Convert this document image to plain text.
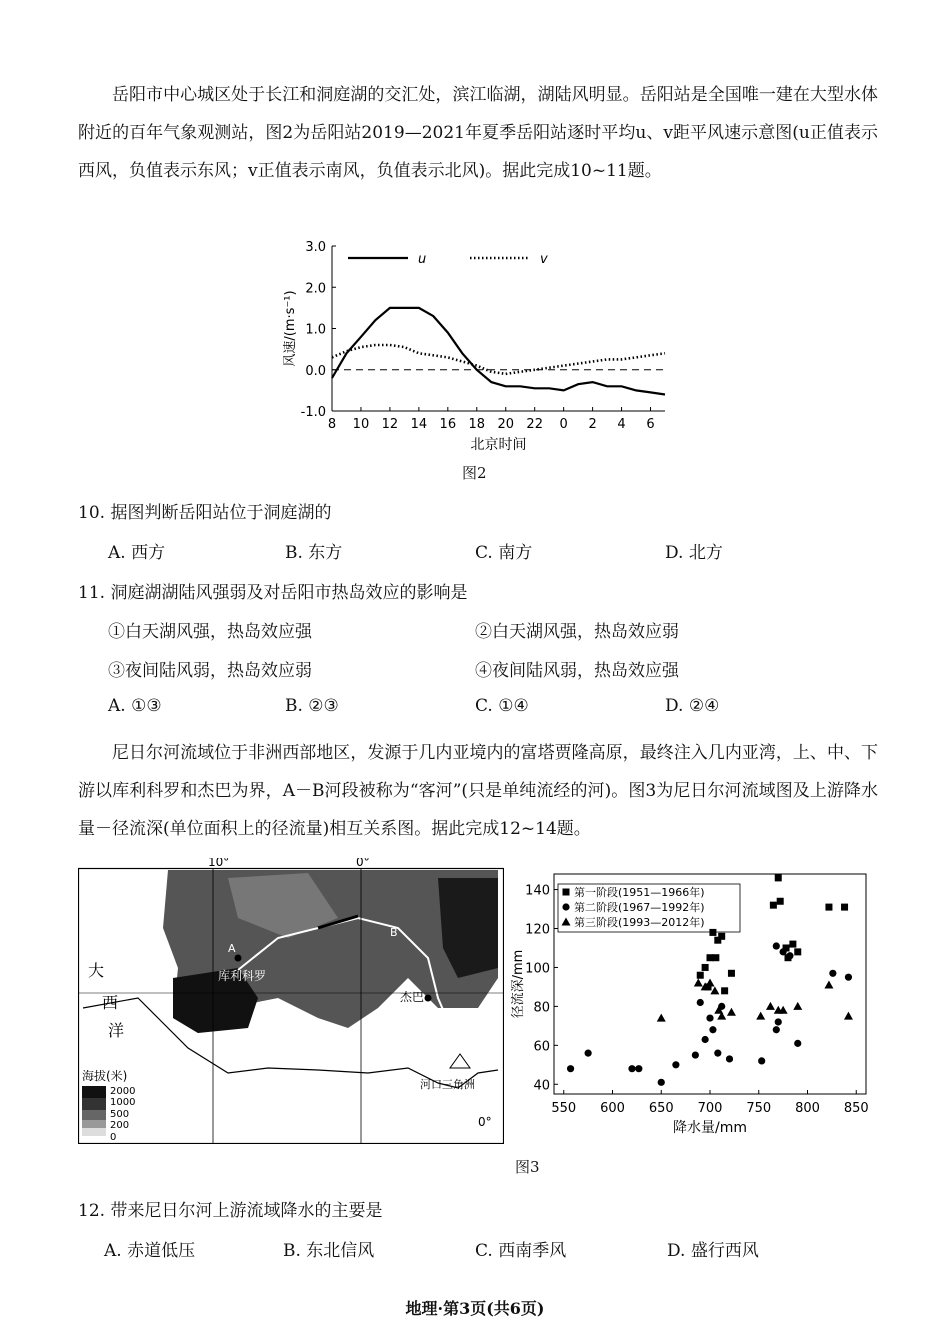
岳阳市中心城区处于长江和洞庭湖的交汇处，滨江临湖，湖陆风明显。岳阳站是全国唯一建在大型水体附近的百年气象观测站，图2为岳阳站2019—2021年夏季岳阳站逐时平均u、v距平风速示意图(u正值表示西风，负值表示东风；v正值表示南风，负值表示北风)。据此完成10~11题。
3.0
2.0
1.0
0.0
-1.0
8 10 12 14 16 18 20 22 0 2 4 6
风速/(m·s⁻¹)
北京时间
u	v
图2
10. 据图判断岳阳站位于洞庭湖的
A. 西方	B. 东方	C. 南方	D. 北方
11. 洞庭湖湖陆风强弱及对岳阳市热岛效应的影响是
①白天湖风强，热岛效应强	②白天湖风强，热岛效应弱
③夜间陆风弱，热岛效应弱	④夜间陆风弱，热岛效应强
A. ①③	B. ②③	C. ①④	D. ②④
尼日尔河流域位于非洲西部地区，发源于几内亚境内的富塔贾隆高原，最终注入几内亚湾，上、中、下游以库利科罗和杰巴为界，A－B河段被称为“客河”(只是单纯流经的河)。图3为尼日尔河流域图及上游降水量－径流深(单位面积上的径流量)相互关系图。据此完成12~14题。
10°	0°
0°
大
西
洋
库利科罗
杰巴
河口三角洲
A
B
海拔(米)
2000
1000
500
200
0
550 600 650 700 750 800 850
140
120
100
80
60
40
降水量/mm
径流深/mm
第一阶段(1951—1966年)
第二阶段(1967—1992年)
第三阶段(1993—2012年)
图3
12. 带来尼日尔河上游流域降水的主要是
A. 赤道低压	B. 东北信风	C. 西南季风	D. 盛行西风
地理·第3页(共6页)
